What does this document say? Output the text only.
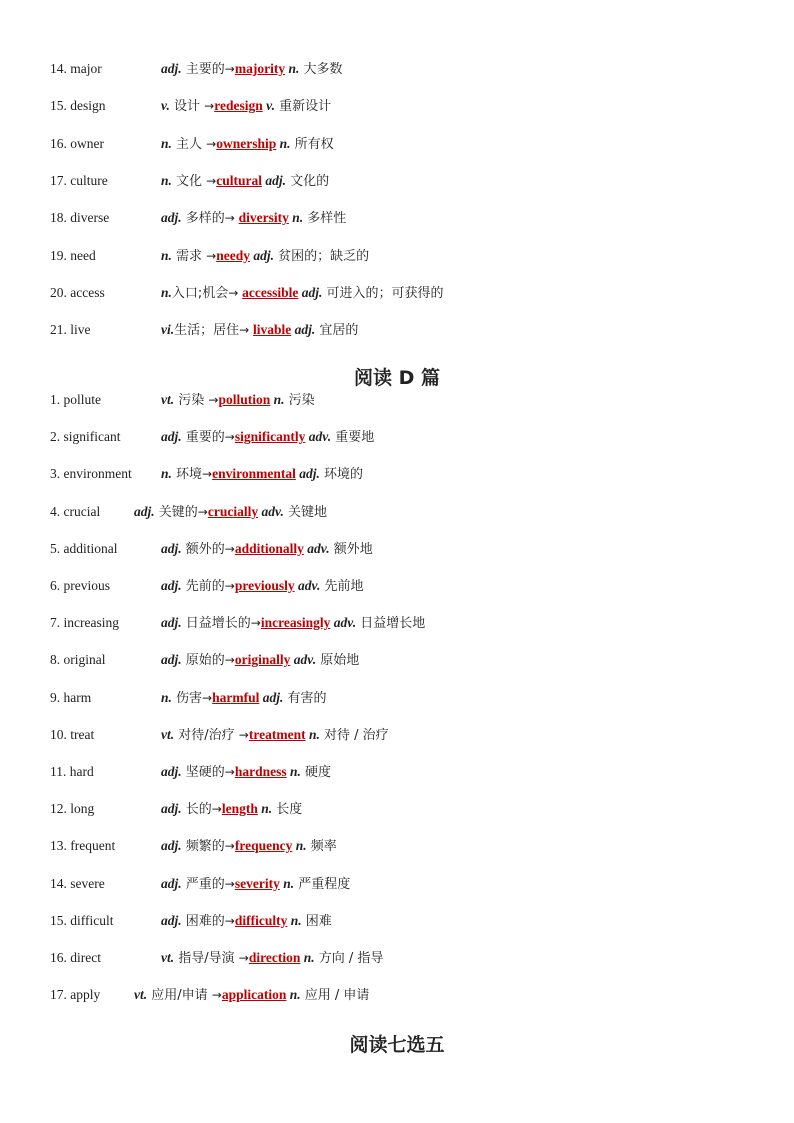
14. major	adj. 主要的→majority n. 大多数
15. design	v. 设计 →redesign v. 重新设计
16. owner	n. 主人 →ownership n. 所有权
17. culture	n. 文化 →cultural adj. 文化的
18. diverse	adj. 多样的→ diversity n. 多样性
19. need	n. 需求 →needy adj. 贫困的；缺乏的
20. access	n.入口;机会→ accessible adj. 可进入的；可获得的
21. live	vi.生活；居住→ livable adj. 宜居的
阅读 D 篇
1. pollute	vt. 污染 →pollution n. 污染
2. significant	adj. 重要的→significantly adv. 重要地
3. environment n. 环境→environmental adj. 环境的
4. crucial	adj. 关键的→crucially adv. 关键地
5. additional	adj. 额外的→additionally adv. 额外地
6. previous	adj. 先前的→previously adv. 先前地
7. increasing	adj. 日益增长的→increasingly adv. 日益增长地
8. original	adj. 原始的→originally adv. 原始地
9. harm	n. 伤害→harmful adj. 有害的
10. treat	vt. 对待/治疗 →treatment n. 对待 / 治疗
11. hard	adj. 坚硬的→hardness n. 硬度
12. long	adj. 长的→length n. 长度
13. frequent	adj. 频繁的→frequency n. 频率
14. severe	adj. 严重的→severity n. 严重程度
15. difficult	adj. 困难的→difficulty n. 困难
16. direct	vt. 指导/导演 →direction n. 方向 / 指导
17. apply	vt. 应用/申请 →application n. 应用 / 申请
阅读七选五
